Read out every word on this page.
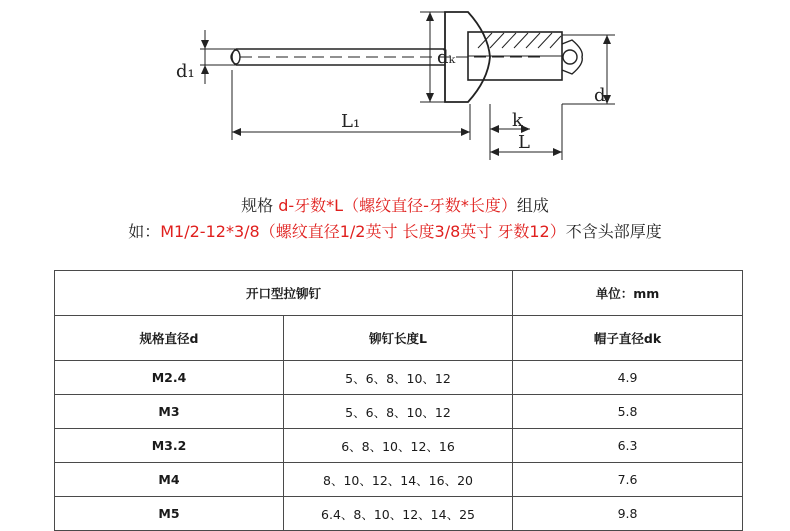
d₁
dₖ
d
L₁	k
L
规格 d-牙数*L（螺纹直径-牙数*长度）组成
如：M1/2-12*3/8（螺纹直径1/2英寸 长度3/8英寸 牙数12）不含头部厚度
开口型拉铆钉		单位：mm
规格直径d	铆钉长度L	帽子直径dk
M2.4	5、6、8、10、12	4.9
M3	5、6、8、10、12	5.8
M3.2	6、8、10、12、16	6.3
M4	8、10、12、14、16、20	7.6
M5	6.4、8、10、12、14、25	9.8
